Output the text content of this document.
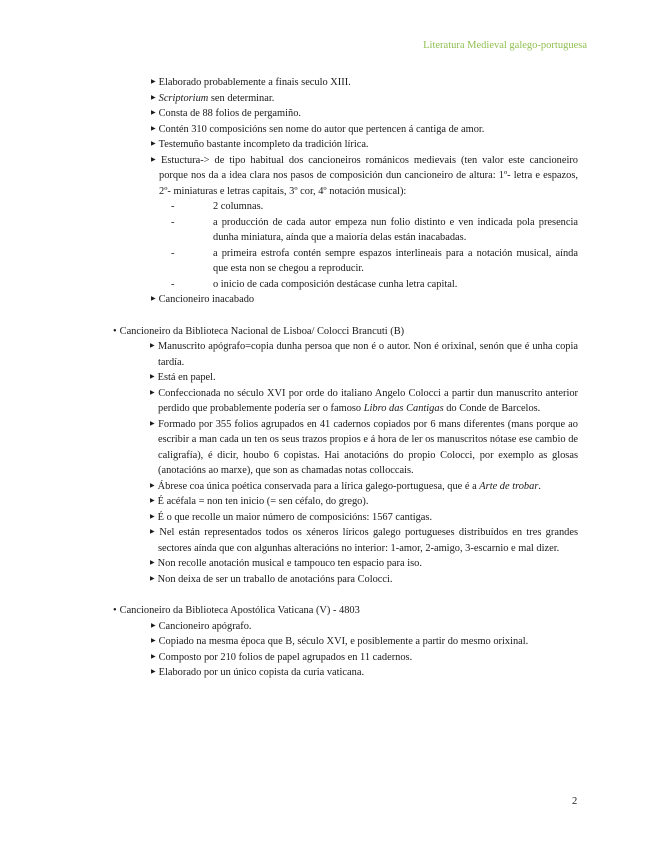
Literatura Medieval galego-portuguesa
▶ Elaborado probablemente a finais seculo XIII.
▶ Scriptorium sen determinar.
▶ Consta de 88 folios de pergamiño.
▶ Contén 310 composicións sen nome do autor que pertencen á cantiga de amor.
▶ Testemuño bastante incompleto da tradición lírica.
▶ Estuctura-> de tipo habitual dos cancioneiros románicos medievais (ten valor este cancioneiro porque nos da a idea clara nos pasos de composición dun cancioneiro de altura: 1º- letra e espazos, 2º- miniaturas e letras capitais, 3º cor, 4º notación musical):
- 2 columnas.
- a producción de cada autor empeza nun folio distinto e ven indicada pola presencia dunha miniatura, aínda que a maioría delas están inacabadas.
- a primeira estrofa contén sempre espazos interlineais para a notación musical, aínda que esta non se chegou a reproducir.
- o inicio de cada composición destácase cunha letra capital.
▶ Cancioneiro inacabado
• Cancioneiro da Biblioteca Nacional de Lisboa/ Colocci Brancuti (B)
▶ Manuscrito apógrafo=copia dunha persoa que non é o autor. Non é orixinal, senón que é unha copia tardía.
▶ Está en papel.
▶ Confeccionada no século XVI por orde do italiano Angelo Colocci a partir dun manuscrito anterior perdido que probablemente podería ser o famoso Libro das Cantigas do Conde de Barcelos.
▶ Formado por 355 folios agrupados en 41 cadernos copiados por 6 mans diferentes (mans porque ao escribir a man cada un ten os seus trazos propios e á hora de ler os manuscritos nótase ese cambio de caligrafía), é dicir, houbo 6 copistas. Hai anotacións do propio Colocci, por exemplo as glosas (anotacións ao marxe), que son as chamadas notas colloccais.
▶ Ábrese coa única poética conservada para a lírica galego-portuguesa, que é a Arte de trobar.
▶ É acéfala = non ten inicio (= sen céfalo, do grego).
▶ É o que recolle un maior número de composicións: 1567 cantigas.
▶ Nel están representados todos os xéneros líricos galego portugueses distribuídos en tres grandes sectores aínda que con algunhas alteracións no interior: 1-amor, 2-amigo, 3-escarnio e mal dizer.
▶ Non recolle anotación musical e tampouco ten espacio para iso.
▶ Non deixa de ser un traballo de anotacións para Colocci.
• Cancioneiro da Biblioteca Apostólica Vaticana (V) - 4803
▶ Cancioneiro apógrafo.
▶ Copiado na mesma época que B, século XVI, e posiblemente a partir do mesmo orixinal.
▶ Composto por 210 folios de papel agrupados en 11 cadernos.
▶ Elaborado por un único copista da curia vaticana.
2
